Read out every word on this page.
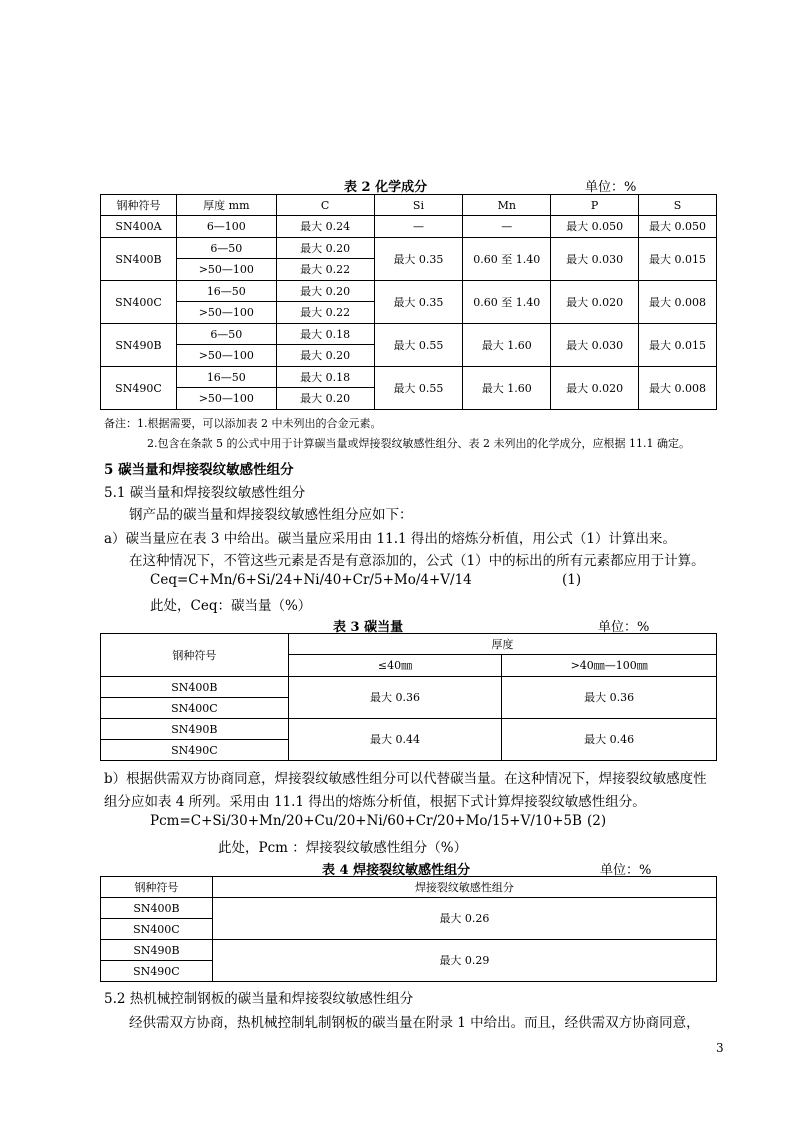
表 2 化学成分	单位：%
钢种符号	厚度 mm	C	Si	Mn	P	S
SN400A	6—100	最大 0.24	—	—	最大 0.050	最大 0.050
SN400B	6—50	最大 0.20	最大 0.35	0.60 至 1.40	最大 0.030	最大 0.015
	>50—100	最大 0.22				
SN400C	16—50	最大 0.20	最大 0.35	0.60 至 1.40	最大 0.020	最大 0.008
	>50—100	最大 0.22				
SN490B	6—50	最大 0.18	最大 0.55	最大 1.60	最大 0.030	最大 0.015
	>50—100	最大 0.20				
SN490C	16—50	最大 0.18	最大 0.55	最大 1.60	最大 0.020	最大 0.008
	>50—100	最大 0.20				
备注：1.根据需要，可以添加表 2 中未列出的合金元素。
2.包含在条款 5 的公式中用于计算碳当量或焊接裂纹敏感性组分、表 2 未列出的化学成分，应根据 11.1 确定。
5 碳当量和焊接裂纹敏感性组分
5.1 碳当量和焊接裂纹敏感性组分
钢产品的碳当量和焊接裂纹敏感性组分应如下：
a）碳当量应在表 3 中给出。碳当量应采用由 11.1 得出的熔炼分析值，用公式（1）计算出来。
在这种情况下，不管这些元素是否是有意添加的，公式（1）中的标出的所有元素都应用于计算。
Ceq=C+Mn/6+Si/24+Ni/40+Cr/5+Mo/4+V/14	(1)
此处，Ceq：碳当量（%）
表 3 碳当量	单位：%
钢种符号	厚度	
	≤40㎜	>40㎜—100㎜
SN400B	最大 0.36	最大 0.36
SN400C		
SN490B	最大 0.44	最大 0.46
SN490C		
b）根据供需双方协商同意，焊接裂纹敏感性组分可以代替碳当量。在这种情况下，焊接裂纹敏感度性
组分应如表 4 所列。采用由 11.1 得出的熔炼分析值，根据下式计算焊接裂纹敏感性组分。
Pcm=C+Si/30+Mn/20+Cu/20+Ni/60+Cr/20+Mo/15+V/10+5B (2)
此处，Pcm ：焊接裂纹敏感性组分（%）
表 4 焊接裂纹敏感性组分	单位：%
钢种符号	焊接裂纹敏感性组分
SN400B	最大 0.26
SN400C	
SN490B	最大 0.29
SN490C	
5.2 热机械控制钢板的碳当量和焊接裂纹敏感性组分
经供需双方协商，热机械控制轧制钢板的碳当量在附录 1 中给出。而且，经供需双方协商同意，
3
